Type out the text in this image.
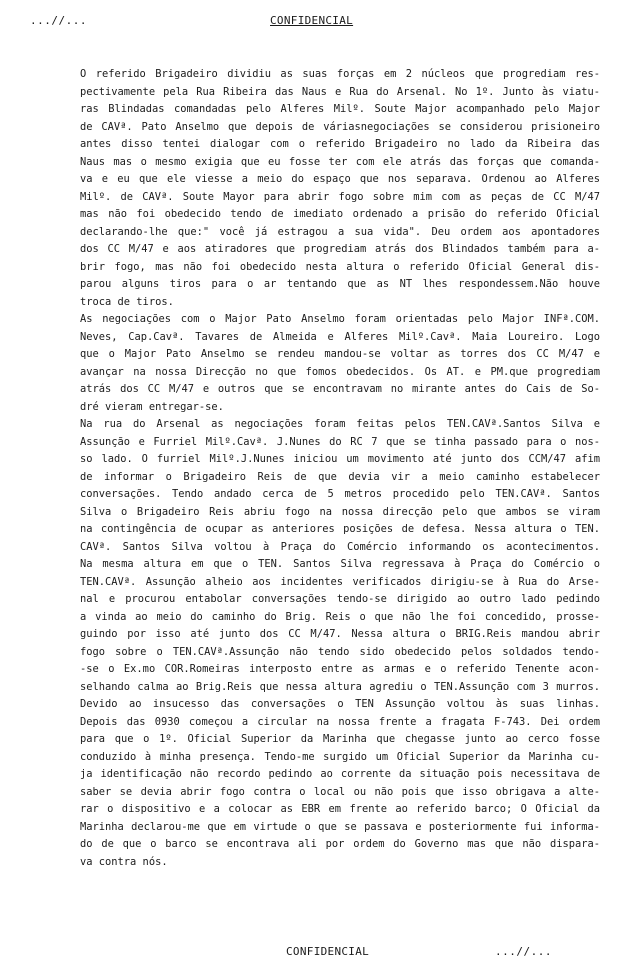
...//...	CONFIDENCIAL
O referido Brigadeiro dividiu as suas forças em 2 núcleos que progrediam res-
pectivamente pela Rua Ribeira das Naus e Rua do Arsenal. No 1º. Junto às viatu-
ras Blindadas comandadas pelo Alferes Milº. Soute Major acompanhado pelo Major
de CAVª. Pato Anselmo que depois de váriasnegociações se considerou prisioneiro
antes disso tentei dialogar com o referido Brigadeiro no lado da Ribeira das
Naus mas o mesmo exigia que eu fosse ter com ele atrás das forças que comanda-
va e eu que ele viesse a meio do espaço que nos separava. Ordenou ao Alferes
Milº. de CAVª. Soute Mayor para abrir fogo sobre mim com as peças de CC M/47
mas não foi obedecido tendo de imediato ordenado a prisão do referido Oficial
declarando-lhe que:" você já estragou a sua vida". Deu ordem aos apontadores
dos CC M/47 e aos atiradores que progrediam atrás dos Blindados também para a-
brir fogo, mas não foi obedecido nesta altura o referido Oficial General dis-
parou alguns tiros para o ar tentando que as NT lhes respondessem.Não houve
troca de tiros.
As negociações com o Major Pato Anselmo foram orientadas pelo Major INFª.COM.
Neves, Cap.Cavª. Tavares de Almeida e Alferes Milº.Cavª. Maia Loureiro. Logo
que o Major Pato Anselmo se rendeu mandou-se voltar as torres dos CC M/47 e
avançar na nossa Direcção no que fomos obedecidos. Os AT. e PM.que progrediam
atrás dos CC M/47 e outros que se encontravam no mirante antes do Cais de So-
dré vieram entregar-se.
Na rua do Arsenal as negociações foram feitas pelos TEN.CAVª.Santos Silva e
Assunção e Furriel Milº.Cavª. J.Nunes do RC 7 que se tinha passado para o nos-
so lado. O furriel Milº.J.Nunes iniciou um movimento até junto dos CCM/47 afim
de informar o Brigadeiro Reis de que devia vir a meio caminho estabelecer
conversações. Tendo andado cerca de 5 metros procedido pelo TEN.CAVª. Santos
Silva o Brigadeiro Reis abriu fogo na nossa direcção pelo que ambos se viram
na contingência de ocupar as anteriores posições de defesa. Nessa altura o TEN.
CAVª. Santos Silva voltou à Praça do Comércio informando os acontecimentos.
Na mesma altura em que o TEN. Santos Silva regressava à Praça do Comércio o
TEN.CAVª. Assunção alheio aos incidentes verificados dirigiu-se à Rua do Arse-
nal e procurou entabolar conversações tendo-se dirigido ao outro lado pedindo
a vinda ao meio do caminho do Brig. Reis o que não lhe foi concedido, prosse-
guindo por isso até junto dos CC M/47. Nessa altura o BRIG.Reis mandou abrir
fogo sobre o TEN.CAVª.Assunção não tendo sido obedecido pelos soldados tendo-
-se o Ex.mo COR.Romeiras interposto entre as armas e o referido Tenente acon-
selhando calma ao Brig.Reis que nessa altura agrediu o TEN.Assunção com 3 murros.
Devido ao insucesso das conversações o TEN Assunção voltou às suas linhas.
Depois das 0930 começou a circular na nossa frente a fragata F-743. Dei ordem
para que o 1º. Oficial Superior da Marinha que chegasse junto ao cerco fosse
conduzido à minha presença. Tendo-me surgido um Oficial Superior da Marinha cu-
ja identificação não recordo pedindo ao corrente da situação pois necessitava de
saber se devia abrir fogo contra o local ou não pois que isso obrigava a alte-
rar o dispositivo e a colocar as EBR em frente ao referido barco; O Oficial da
Marinha declarou-me que em virtude o que se passava e posteriormente fui informa-
do de que o barco se encontrava ali por ordem do Governo mas que não dispara-
va contra nós.
CONFIDENCIAL	...//...
